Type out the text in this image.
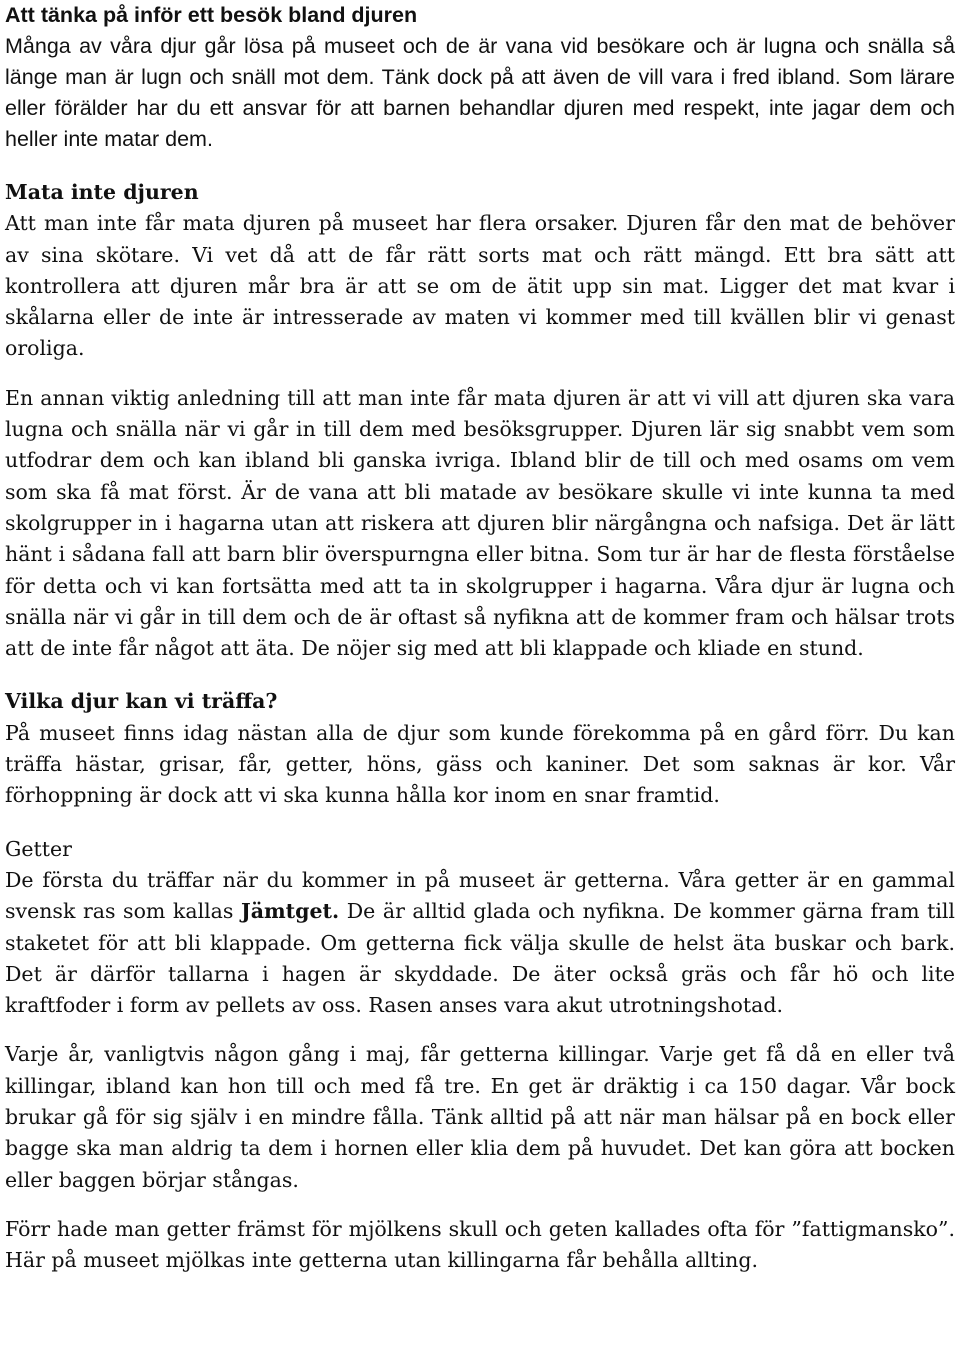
Att tänka på inför ett besök bland djuren

Många av våra djur går lösa på museet och de är vana vid besökare och är lugna och snälla så länge man är lugn och snäll mot dem. Tänk dock på att även de vill vara i fred ibland. Som lärare eller förälder har du ett ansvar för att barnen behandlar djuren med respekt, inte jagar dem och heller inte matar dem.

Mata inte djuren

Att man inte får mata djuren på museet har flera orsaker. Djuren får den mat de behöver av sina skötare. Vi vet då att de får rätt sorts mat och rätt mängd. Ett bra sätt att kontrollera att djuren mår bra är att se om de ätit upp sin mat. Ligger det mat kvar i skålarna eller de inte är intresserade av maten vi kommer med till kvällen blir vi genast oroliga.

En annan viktig anledning till att man inte får mata djuren är att vi vill att djuren ska vara lugna och snälla när vi går in till dem med besöksgrupper. Djuren lär sig snabbt vem som utfodrar dem och kan ibland bli ganska ivriga. Ibland blir de till och med osams om vem som ska få mat först. Är de vana att bli matade av besökare skulle vi inte kunna ta med skolgrupper in i hagarna utan att riskera att djuren blir närgångna och nafsiga. Det är lätt hänt i sådana fall att barn blir överspurngna eller bitna. Som tur är har de flesta förståelse för detta och vi kan fortsätta med att ta in skolgrupper i hagarna. Våra djur är lugna och snälla när vi går in till dem och de är oftast så nyfikna att de kommer fram och hälsar trots att de inte får något att äta. De nöjer sig med att bli klappade och kliade en stund.

Vilka djur kan vi träffa?

På museet finns idag nästan alla de djur som kunde förekomma på en gård förr. Du kan träffa hästar, grisar, får, getter, höns, gäss och kaniner. Det som saknas är kor. Vår förhoppning är dock att vi ska kunna hålla kor inom en snar framtid.

Getter

De första du träffar när du kommer in på museet är getterna. Våra getter är en gammal svensk ras som kallas Jämtget. De är alltid glada och nyfikna. De kommer gärna fram till staketet för att bli klappade. Om getterna fick välja skulle de helst äta buskar och bark. Det är därför tallarna i hagen är skyddade. De äter också gräs och får hö och lite kraftfoder i form av pellets av oss. Rasen anses vara akut utrotningshotad.

Varje år, vanligtvis någon gång i maj, får getterna killingar. Varje get få då en eller två killingar, ibland kan hon till och med få tre. En get är dräktig i ca 150 dagar. Vår bock brukar gå för sig själv i en mindre fålla. Tänk alltid på att när man hälsar på en bock eller bagge ska man aldrig ta dem i hornen eller klia dem på huvudet. Det kan göra att bocken eller baggen börjar stångas.

Förr hade man getter främst för mjölkens skull och geten kallades ofta för ”fattigmansko”. Här på museet mjölkas inte getterna utan killingarna får behålla allting.
